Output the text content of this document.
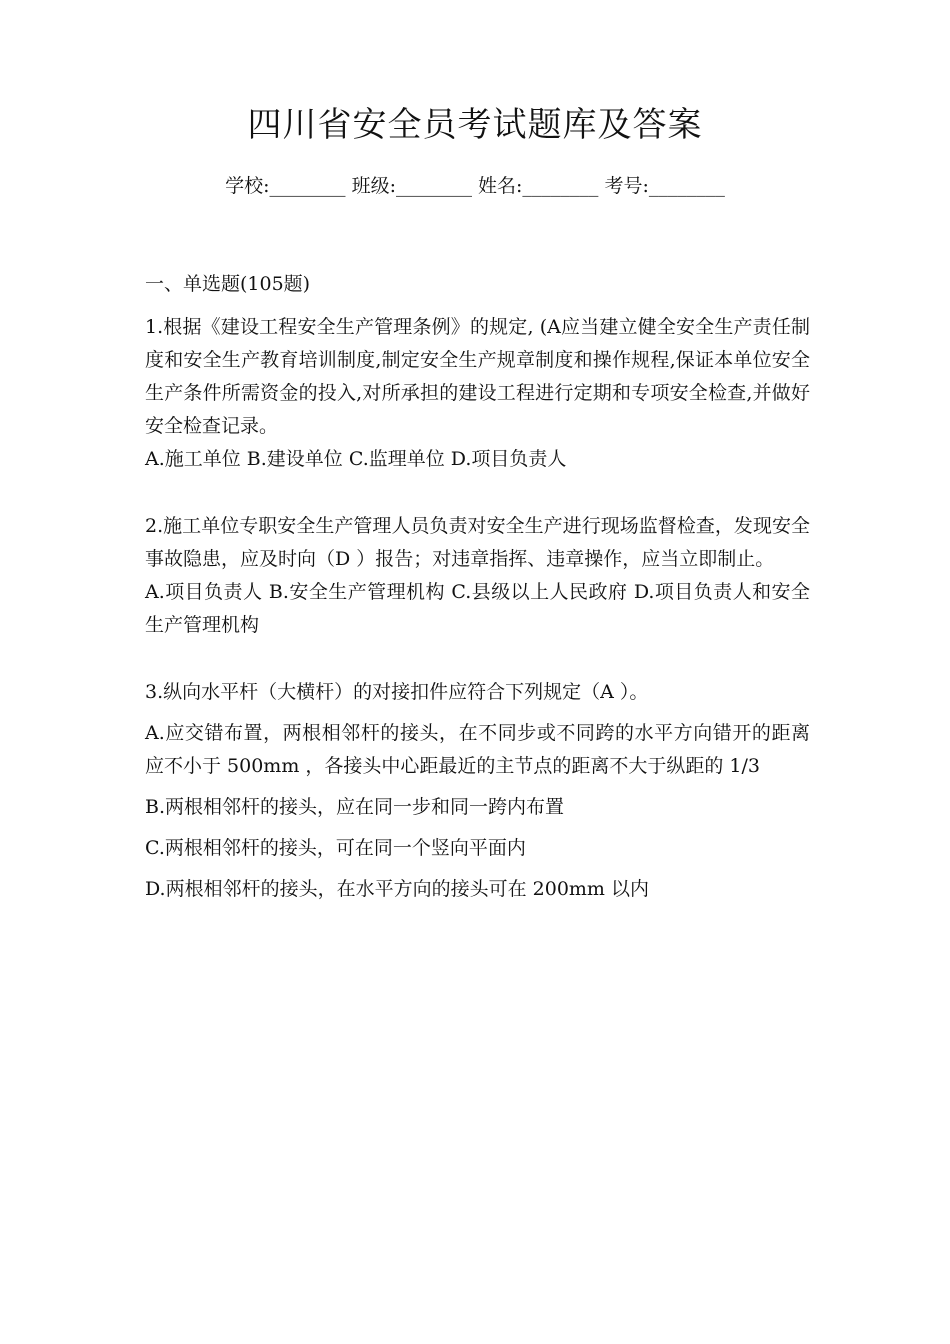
四川省安全员考试题库及答案
学校:________ 班级:________ 姓名:________ 考号:________

一、单选题(105题)

1.根据《建设工程安全生产管理条例》的规定, (A应当建立健全安全生产责任制度和安全生产教育培训制度,制定安全生产规章制度和操作规程,保证本单位安全生产条件所需资金的投入,对所承担的建设工程进行定期和专项安全检查,并做好安全检查记录。

A.施工单位 B.建设单位 C.监理单位 D.项目负责人

2.施工单位专职安全生产管理人员负责对安全生产进行现场监督检查，发现安全事故隐患，应及时向（D ）报告；对违章指挥、违章操作，应当立即制止。

A.项目负责人 B.安全生产管理机构 C.县级以上人民政府 D.项目负责人和安全生产管理机构

3.纵向水平杆（大横杆）的对接扣件应符合下列规定（A ）。

A.应交错布置，两根相邻杆的接头，在不同步或不同跨的水平方向错开的距离应不小于 500mm ，各接头中心距最近的主节点的距离不大于纵距的 1/3

B.两根相邻杆的接头，应在同一步和同一跨内布置

C.两根相邻杆的接头，可在同一个竖向平面内

D.两根相邻杆的接头，在水平方向的接头可在 200mm 以内
